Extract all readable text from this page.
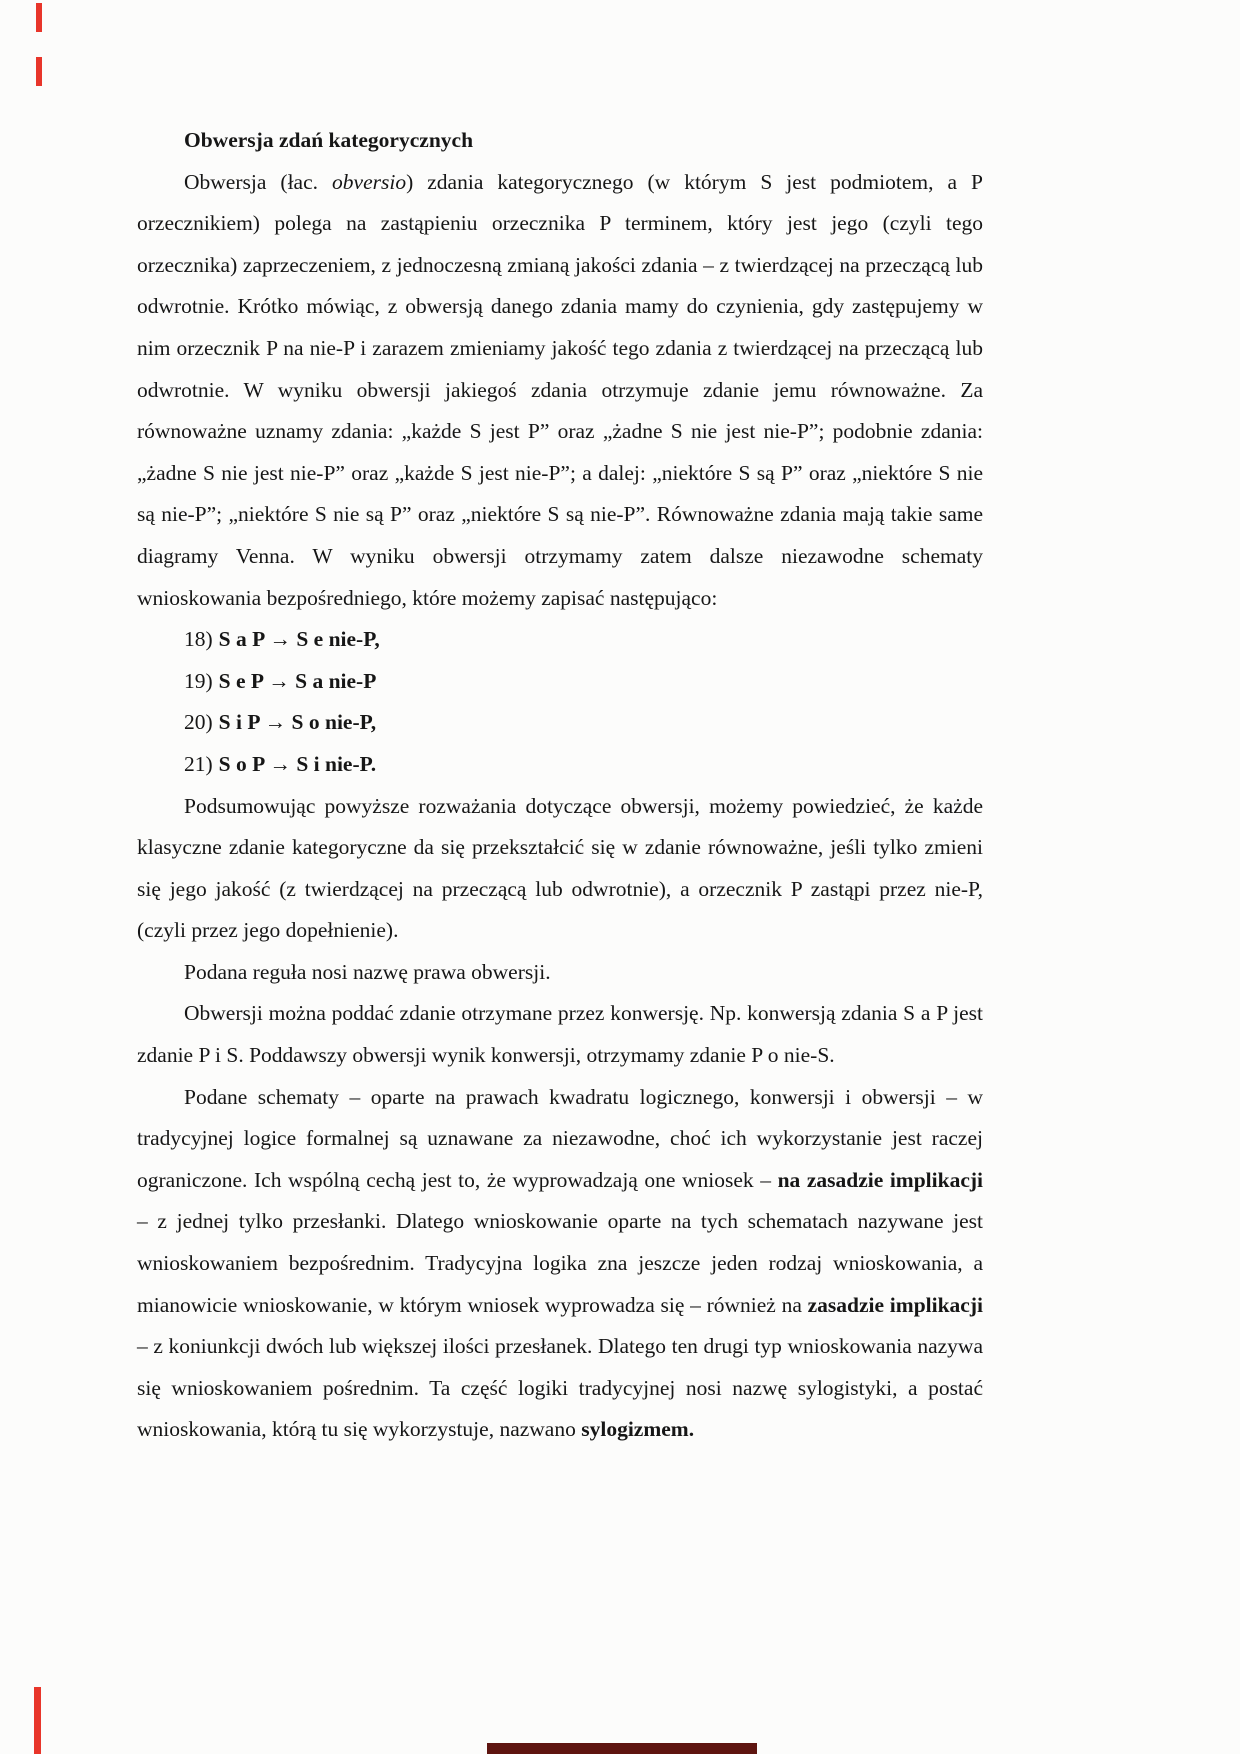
Obwersja zdań kategorycznych

Obwersja (łac. obversio) zdania kategorycznego (w którym S jest podmiotem, a P orzecznikiem) polega na zastąpieniu orzecznika P terminem, który jest jego (czyli tego orzecznika) zaprzeczeniem, z jednoczesną zmianą jakości zdania – z twierdzącej na przeczącą lub odwrotnie. Krótko mówiąc, z obwersją danego zdania mamy do czynienia, gdy zastępujemy w nim orzecznik P na nie-P i zarazem zmieniamy jakość tego zdania z twierdzącej na przeczącą lub odwrotnie. W wyniku obwersji jakiegoś zdania otrzymuje zdanie jemu równoważne. Za równoważne uznamy zdania: „każde S jest P” oraz „żadne S nie jest nie-P”; podobnie zdania: „żadne S nie jest nie-P” oraz „każde S jest nie-P”; a dalej: „niektóre S są P” oraz „niektóre S nie są nie-P”; „niektóre S nie są P” oraz „niektóre S są nie-P”. Równoważne zdania mają takie same diagramy Venna. W wyniku obwersji otrzymamy zatem dalsze niezawodne schematy wnioskowania bezpośredniego, które możemy zapisać następująco:

18) S a P → S e nie-P,
19) S e P → S a nie-P
20) S i P → S o nie-P,
21) S o P → S i nie-P.

Podsumowując powyższe rozważania dotyczące obwersji, możemy powiedzieć, że każde klasyczne zdanie kategoryczne da się przekształcić się w zdanie równoważne, jeśli tylko zmieni się jego jakość (z twierdzącej na przeczącą lub odwrotnie), a orzecznik P zastąpi przez nie-P, (czyli przez jego dopełnienie).

Podana reguła nosi nazwę prawa obwersji.

Obwersji można poddać zdanie otrzymane przez konwersję. Np. konwersją zdania S a P jest zdanie P i S. Poddawszy obwersji wynik konwersji, otrzymamy zdanie P o nie-S.

Podane schematy – oparte na prawach kwadratu logicznego, konwersji i obwersji – w tradycyjnej logice formalnej są uznawane za niezawodne, choć ich wykorzystanie jest raczej ograniczone. Ich wspólną cechą jest to, że wyprowadzają one wniosek – na zasadzie implikacji – z jednej tylko przesłanki. Dlatego wnioskowanie oparte na tych schematach nazywane jest wnioskowaniem bezpośrednim. Tradycyjna logika zna jeszcze jeden rodzaj wnioskowania, a mianowicie wnioskowanie, w którym wniosek wyprowadza się – również na zasadzie implikacji – z koniunkcji dwóch lub większej ilości przesłanek. Dlatego ten drugi typ wnioskowania nazywa się wnioskowaniem pośrednim. Ta część logiki tradycyjnej nosi nazwę sylogistyki, a postać wnioskowania, którą tu się wykorzystuje, nazwano sylogizmem.
